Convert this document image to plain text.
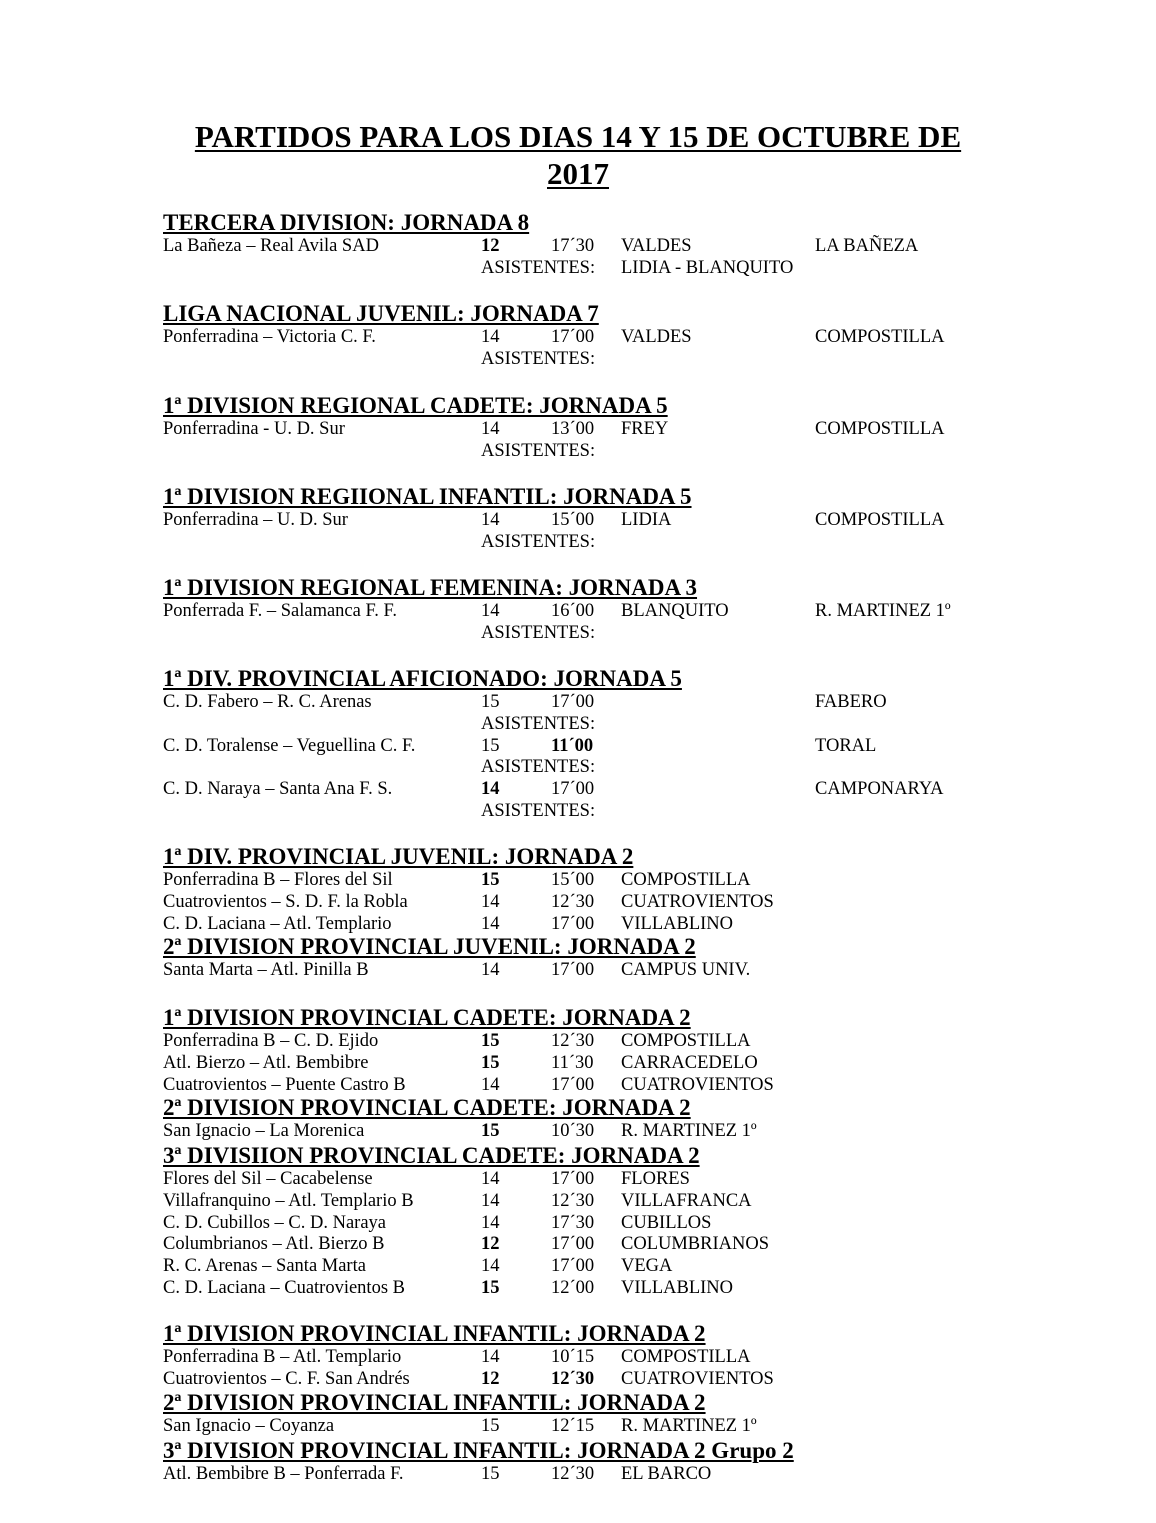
PARTIDOS PARA LOS DIAS 14 Y 15 DE OCTUBRE DE
2017
TERCERA DIVISION: JORNADA 8
La Bañeza – Real Avila SAD	12	17´30 VALDES	LA BAÑEZA
ASISTENTES: LIDIA - BLANQUITO
LIGA NACIONAL JUVENIL: JORNADA 7
Ponferradina – Victoria C. F.	14	17´00 VALDES	COMPOSTILLA
ASISTENTES:
1ª DIVISION REGIONAL CADETE: JORNADA 5
Ponferradina - U. D. Sur	14	13´00 FREY	COMPOSTILLA
ASISTENTES:
1ª DIVISION REGIIONAL INFANTIL: JORNADA 5
Ponferradina – U. D. Sur	14	15´00 LIDIA	COMPOSTILLA
ASISTENTES:
1ª DIVISION REGIONAL FEMENINA: JORNADA 3
Ponferrada F. – Salamanca F. F.	14	16´00 BLANQUITO	R. MARTINEZ 1º
ASISTENTES:
1ª DIV. PROVINCIAL AFICIONADO: JORNADA 5
C. D. Fabero – R. C. Arenas	15	17´00	FABERO
ASISTENTES:
C. D. Toralense – Veguellina C. F.	15	11´00	TORAL
ASISTENTES:
C. D. Naraya – Santa Ana F. S.	14	17´00	CAMPONARYA
ASISTENTES:
1ª DIV. PROVINCIAL JUVENIL: JORNADA 2
Ponferradina B – Flores del Sil	15	15´00 COMPOSTILLA
Cuatrovientos – S. D. F. la Robla	14	12´30 CUATROVIENTOS
C. D. Laciana – Atl. Templario	14	17´00 VILLABLINO
2ª DIVISION PROVINCIAL JUVENIL: JORNADA 2
Santa Marta – Atl. Pinilla B	14	17´00 CAMPUS UNIV.
1ª DIVISION PROVINCIAL CADETE: JORNADA 2
Ponferradina B – C. D. Ejido	15	12´30 COMPOSTILLA
Atl. Bierzo – Atl. Bembibre	15	11´30 CARRACEDELO
Cuatrovientos – Puente Castro B	14	17´00 CUATROVIENTOS
2ª DIVISION PROVINCIAL CADETE: JORNADA 2
San Ignacio – La Morenica	15	10´30 R. MARTINEZ 1º
3ª DIVISIION PROVINCIAL CADETE: JORNADA 2
Flores del Sil – Cacabelense	14	17´00 FLORES
Villafranquino – Atl. Templario B	14	12´30 VILLAFRANCA
C. D. Cubillos – C. D. Naraya	14	17´30 CUBILLOS
Columbrianos – Atl. Bierzo B	12	17´00 COLUMBRIANOS
R. C. Arenas – Santa Marta	14	17´00 VEGA
C. D. Laciana – Cuatrovientos B	15	12´00 VILLABLINO
1ª DIVISION PROVINCIAL INFANTIL: JORNADA 2
Ponferradina B – Atl. Templario	14	10´15 COMPOSTILLA
Cuatrovientos – C. F. San Andrés	12	12´30 CUATROVIENTOS
2ª DIVISION PROVINCIAL INFANTIL: JORNADA 2
San Ignacio – Coyanza	15	12´15 R. MARTINEZ 1º
3ª DIVISION PROVINCIAL INFANTIL: JORNADA 2 Grupo 2
Atl. Bembibre B – Ponferrada F.	15	12´30 EL BARCO
